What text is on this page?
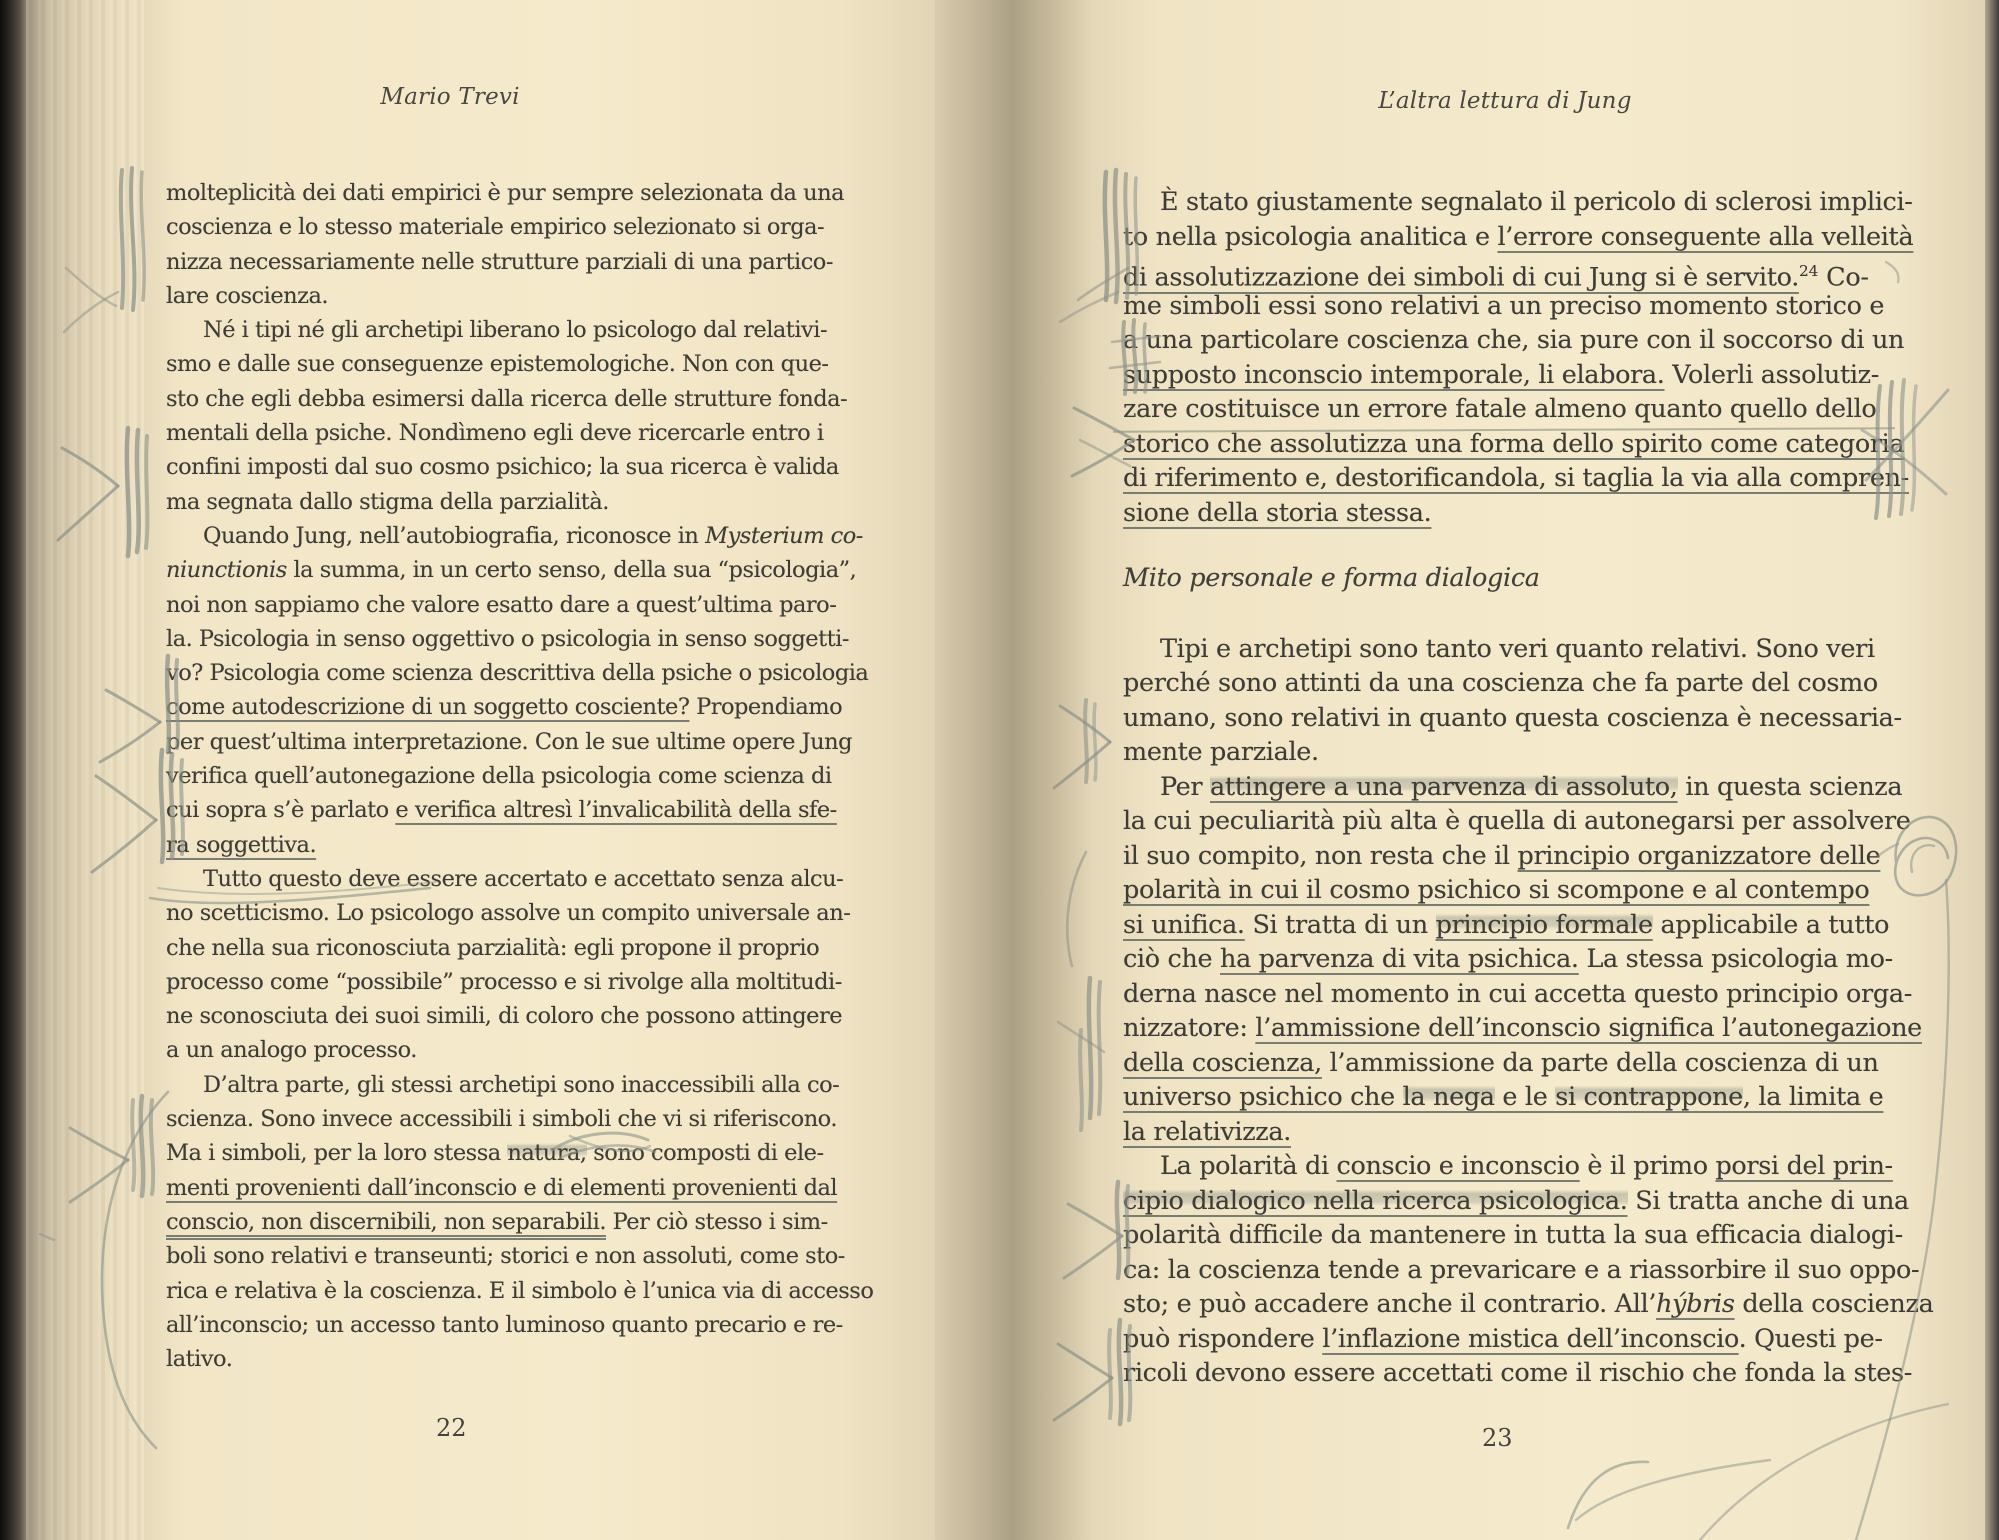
Mario Trevi	L’altra lettura di Jung
molteplicità dei dati empirici è pur sempre selezionata da una
coscienza e lo stesso materiale empirico selezionato si orga-
nizza necessariamente nelle strutture parziali di una partico-
lare coscienza.
Né i tipi né gli archetipi liberano lo psicologo dal relativi-
smo e dalle sue conseguenze epistemologiche. Non con que-
sto che egli debba esimersi dalla ricerca delle strutture fonda-
mentali della psiche. Nondìmeno egli deve ricercarle entro i
confini imposti dal suo cosmo psichico; la sua ricerca è valida
ma segnata dallo stigma della parzialità.
Quando Jung, nell’autobiografia, riconosce in Mysterium co-
niunctionis la summa, in un certo senso, della sua “psicologia”,
noi non sappiamo che valore esatto dare a quest’ultima paro-
la. Psicologia in senso oggettivo o psicologia in senso soggetti-
vo? Psicologia come scienza descrittiva della psiche o psicologia
come autodescrizione di un soggetto cosciente? Propendiamo
per quest’ultima interpretazione. Con le sue ultime opere Jung
verifica quell’autonegazione della psicologia come scienza di
cui sopra s’è parlato e verifica altresì l’invalicabilità della sfe-
ra soggettiva.
Tutto questo deve essere accertato e accettato senza alcu-
no scetticismo. Lo psicologo assolve un compito universale an-
che nella sua riconosciuta parzialità: egli propone il proprio
processo come “possibile” processo e si rivolge alla moltitudi-
ne sconosciuta dei suoi simili, di coloro che possono attingere
a un analogo processo.
D’altra parte, gli stessi archetipi sono inaccessibili alla co-
scienza. Sono invece accessibili i simboli che vi si riferiscono.
Ma i simboli, per la loro stessa natura, sono composti di ele-
menti provenienti dall’inconscio e di elementi provenienti dal
conscio, non discernibili, non separabili. Per ciò stesso i sim-
boli sono relativi e transeunti; storici e non assoluti, come sto-
rica e relativa è la coscienza. E il simbolo è l’unica via di accesso
all’inconscio; un accesso tanto luminoso quanto precario e re-
lativo.
È stato giustamente segnalato il pericolo di sclerosi implici-
to nella psicologia analitica e l’errore conseguente alla velleità
di assolutizzazione dei simboli di cui Jung si è servito.$^{24}$ Co-
me simboli essi sono relativi a un preciso momento storico e
a una particolare coscienza che, sia pure con il soccorso di un
supposto inconscio intemporale, li elabora. Volerli assolutiz-
zare costituisce un errore fatale almeno quanto quello dello
storico che assolutizza una forma dello spirito come categoria
di riferimento e, destorificandola, si taglia la via alla compren-
sione della storia stessa.
Mito personale e forma dialogica
Tipi e archetipi sono tanto veri quanto relativi. Sono veri
perché sono attinti da una coscienza che fa parte del cosmo
umano, sono relativi in quanto questa coscienza è necessaria-
mente parziale.
Per attingere a una parvenza di assoluto, in questa scienza
la cui peculiarità più alta è quella di autonegarsi per assolvere
il suo compito, non resta che il principio organizzatore delle
polarità in cui il cosmo psichico si scompone e al contempo
si unifica. Si tratta di un principio formale applicabile a tutto
ciò che ha parvenza di vita psichica. La stessa psicologia mo-
derna nasce nel momento in cui accetta questo principio orga-
nizzatore: l’ammissione dell’inconscio significa l’autonegazione
della coscienza, l’ammissione da parte della coscienza di un
universo psichico che la nega e le si contrappone, la limita e
la relativizza.
La polarità di conscio e inconscio è il primo porsi del prin-
cipio dialogico nella ricerca psicologica. Si tratta anche di una
polarità difficile da mantenere in tutta la sua efficacia dialogi-
ca: la coscienza tende a prevaricare e a riassorbire il suo oppo-
sto; e può accadere anche il contrario. All’hýbris della coscienza
può rispondere l’inflazione mistica dell’inconscio. Questi pe-
ricoli devono essere accettati come il rischio che fonda la stes-
22	23
